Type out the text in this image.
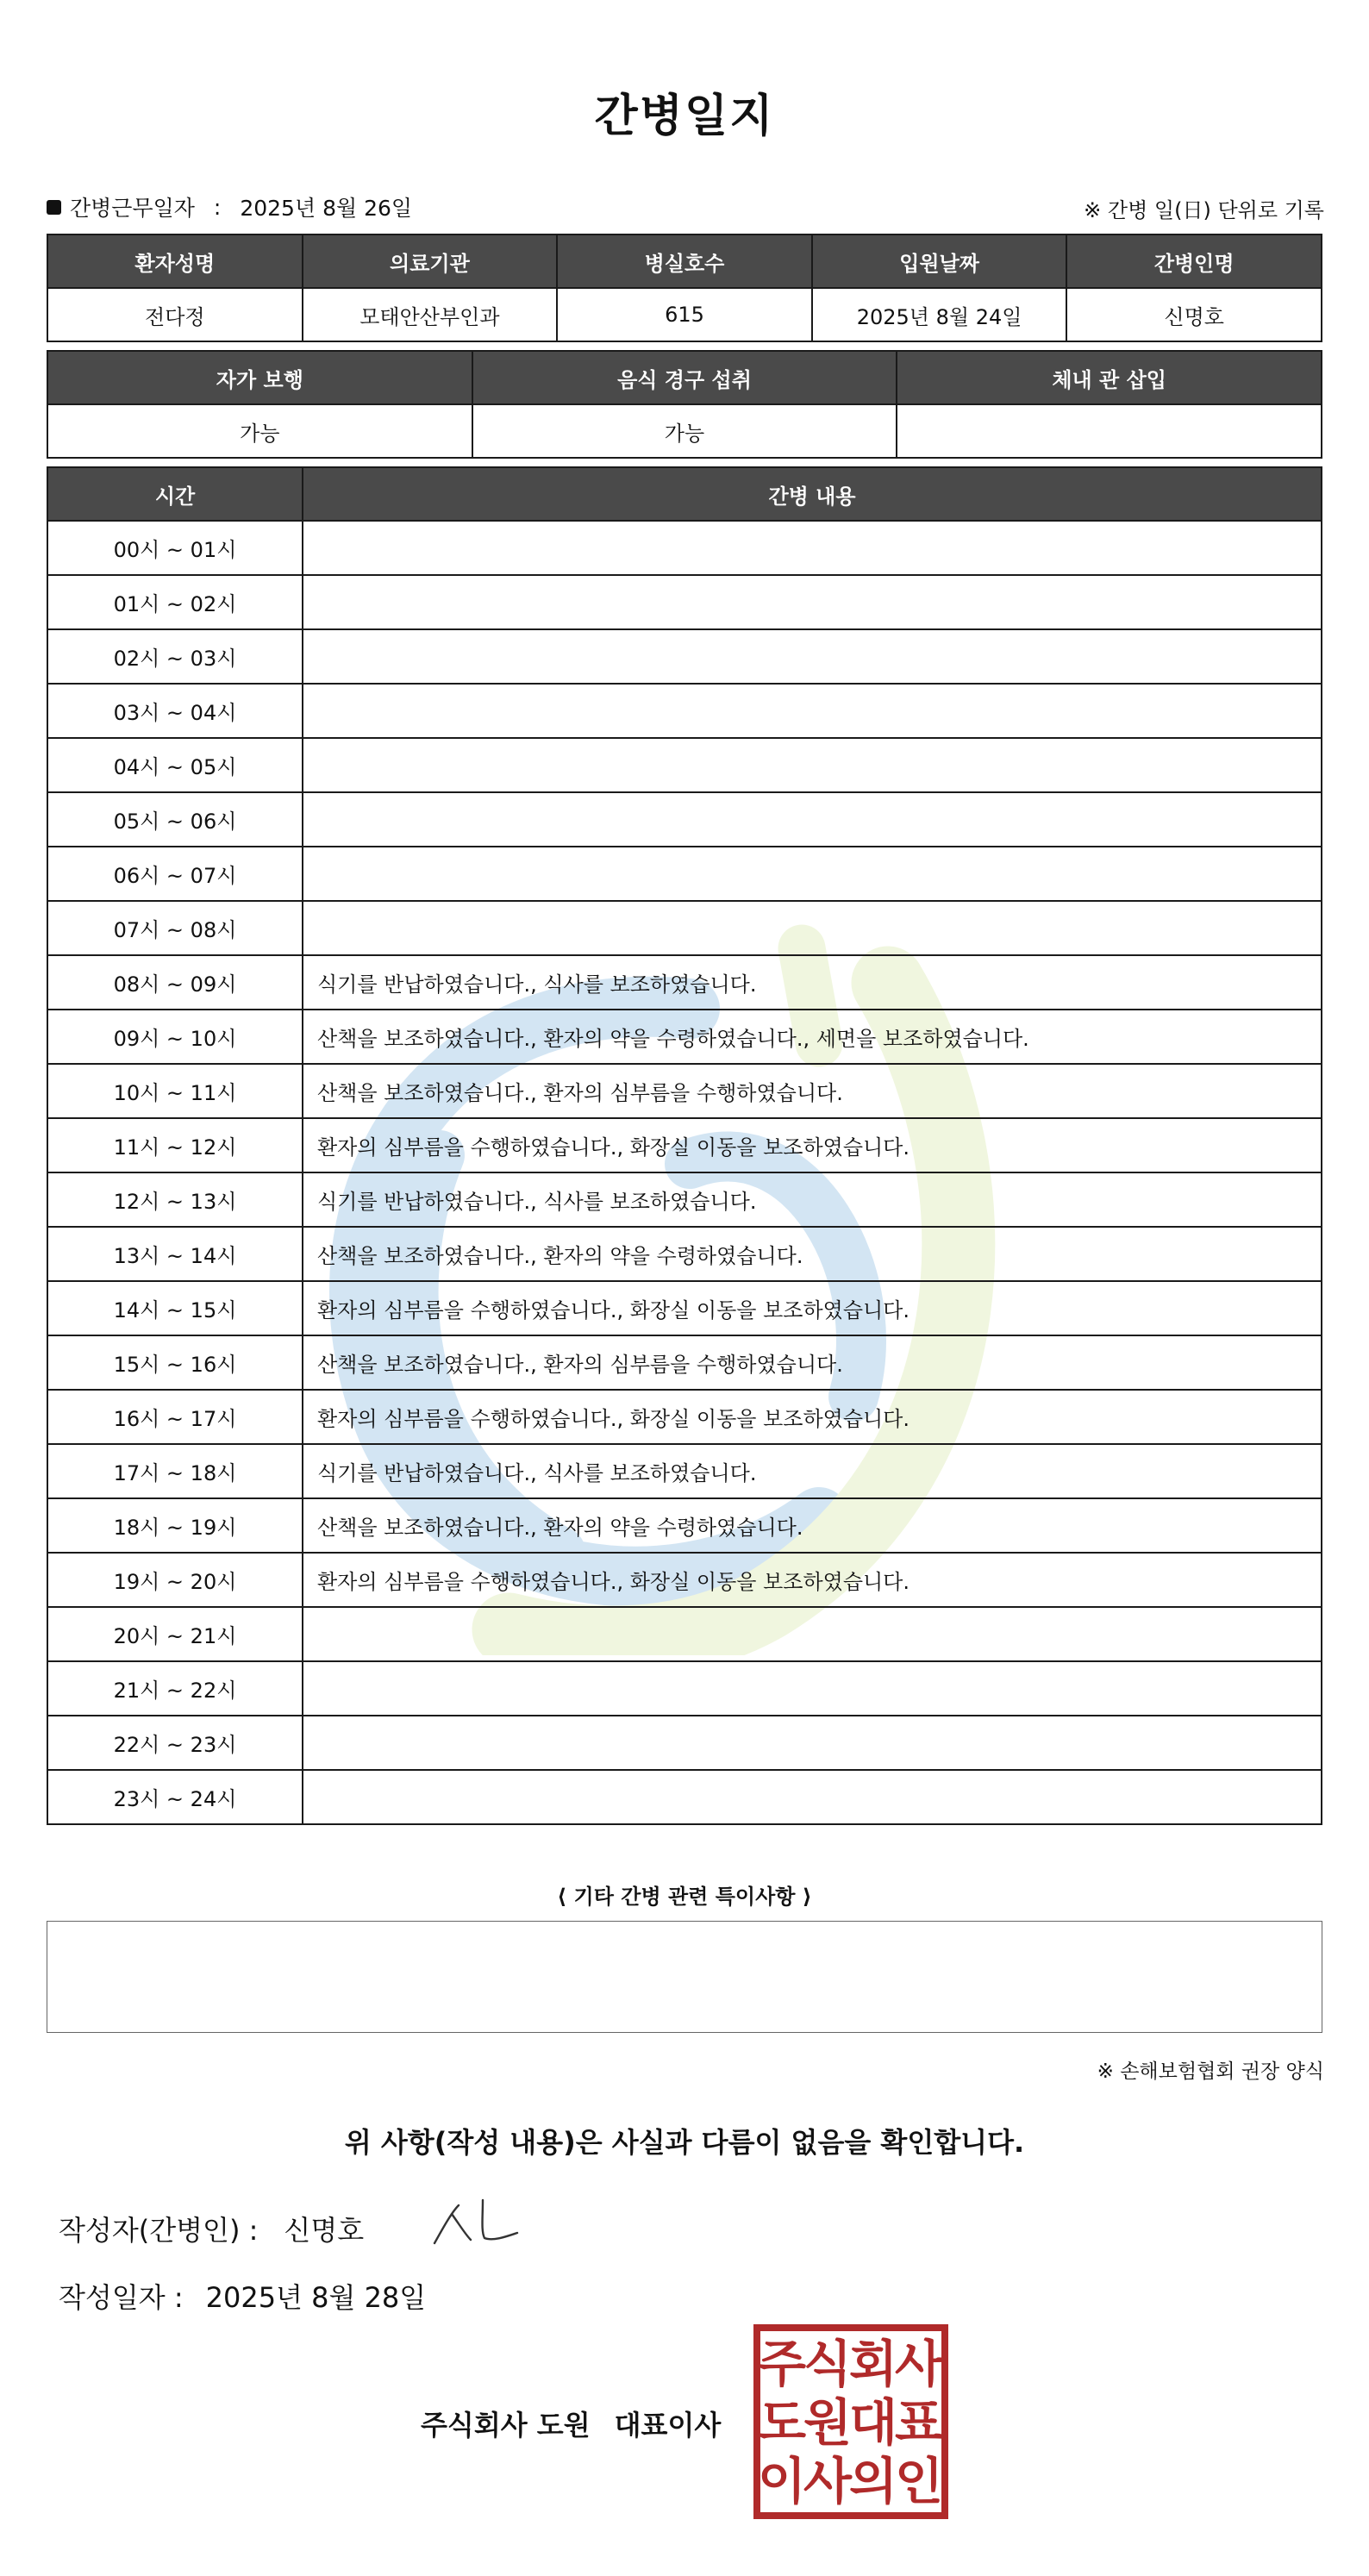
간병일지
간병근무일자 : 2025년 8월 26일	※ 간병 일(日) 단위로 기록
환자성명	의료기관	병실호수	입원날짜	간병인명
전다정	모태안산부인과	615	2025년 8월 24일	신명호
자가 보행	음식 경구 섭취	체내 관 삽입
가능	가능	
시간	간병 내용
00시 ~ 01시	
01시 ~ 02시	
02시 ~ 03시	
03시 ~ 04시	
04시 ~ 05시	
05시 ~ 06시	
06시 ~ 07시	
07시 ~ 08시	
08시 ~ 09시	식기를 반납하였습니다., 식사를 보조하였습니다.
09시 ~ 10시	산책을 보조하였습니다., 환자의 약을 수령하였습니다., 세면을 보조하였습니다.
10시 ~ 11시	산책을 보조하였습니다., 환자의 심부름을 수행하였습니다.
11시 ~ 12시	환자의 심부름을 수행하였습니다., 화장실 이동을 보조하였습니다.
12시 ~ 13시	식기를 반납하였습니다., 식사를 보조하였습니다.
13시 ~ 14시	산책을 보조하였습니다., 환자의 약을 수령하였습니다.
14시 ~ 15시	환자의 심부름을 수행하였습니다., 화장실 이동을 보조하였습니다.
15시 ~ 16시	산책을 보조하였습니다., 환자의 심부름을 수행하였습니다.
16시 ~ 17시	환자의 심부름을 수행하였습니다., 화장실 이동을 보조하였습니다.
17시 ~ 18시	식기를 반납하였습니다., 식사를 보조하였습니다.
18시 ~ 19시	산책을 보조하였습니다., 환자의 약을 수령하였습니다.
19시 ~ 20시	환자의 심부름을 수행하였습니다., 화장실 이동을 보조하였습니다.
20시 ~ 21시	
21시 ~ 22시	
22시 ~ 23시	
23시 ~ 24시	
⟨ 기타 간병 관련 특이사항 ⟩
※ 손해보험협회 권장 양식
위 사항(작성 내용)은 사실과 다름이 없음을 확인합니다.
작성자(간병인) : 신명호
작성일자 : 2025년 8월 28일
주식회사 도원 대표이사
주
식
회
사
도
원
대
표
이
사
의
인
